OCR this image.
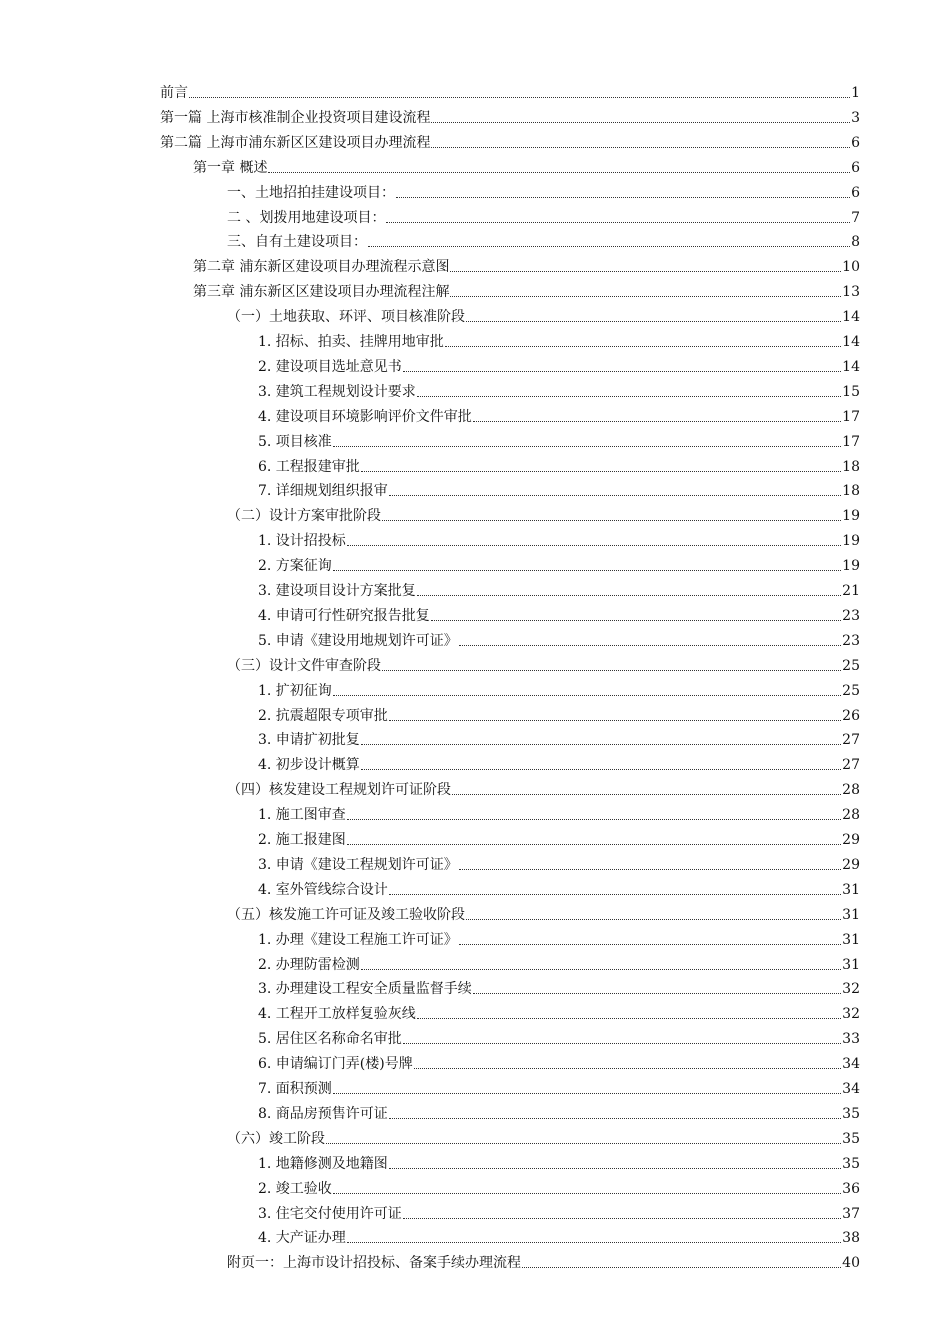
前言	1
第一篇 上海市核准制企业投资项目建设流程	3
第二篇 上海市浦东新区区建设项目办理流程	6
第一章 概述	6
一、土地招拍挂建设项目：	6
二 、划拨用地建设项目：	7
三、自有土建设项目：	8
第二章 浦东新区建设项目办理流程示意图	10
第三章 浦东新区区建设项目办理流程注解	13
（一）土地获取、环评、项目核准阶段	14
1. 招标、拍卖、挂牌用地审批	14
2. 建设项目选址意见书	14
3. 建筑工程规划设计要求	15
4. 建设项目环境影响评价文件审批	17
5. 项目核准	17
6. 工程报建审批	18
7. 详细规划组织报审	18
（二）设计方案审批阶段	19
1. 设计招投标	19
2. 方案征询	19
3. 建设项目设计方案批复	21
4. 申请可行性研究报告批复	23
5. 申请《建设用地规划许可证》	23
（三）设计文件审查阶段	25
1. 扩初征询	25
2. 抗震超限专项审批	26
3. 申请扩初批复	27
4. 初步设计概算	27
（四）核发建设工程规划许可证阶段	28
1. 施工图审查	28
2. 施工报建图	29
3. 申请《建设工程规划许可证》	29
4. 室外管线综合设计	31
（五）核发施工许可证及竣工验收阶段	31
1. 办理《建设工程施工许可证》	31
2. 办理防雷检测	31
3. 办理建设工程安全质量监督手续	32
4. 工程开工放样复验灰线	32
5. 居住区名称命名审批	33
6. 申请编订门弄(楼)号牌	34
7. 面积预测	34
8. 商品房预售许可证	35
（六）竣工阶段	35
1. 地籍修测及地籍图	35
2. 竣工验收	36
3. 住宅交付使用许可证	37
4. 大产证办理	38
附页一：上海市设计招投标、备案手续办理流程	40
